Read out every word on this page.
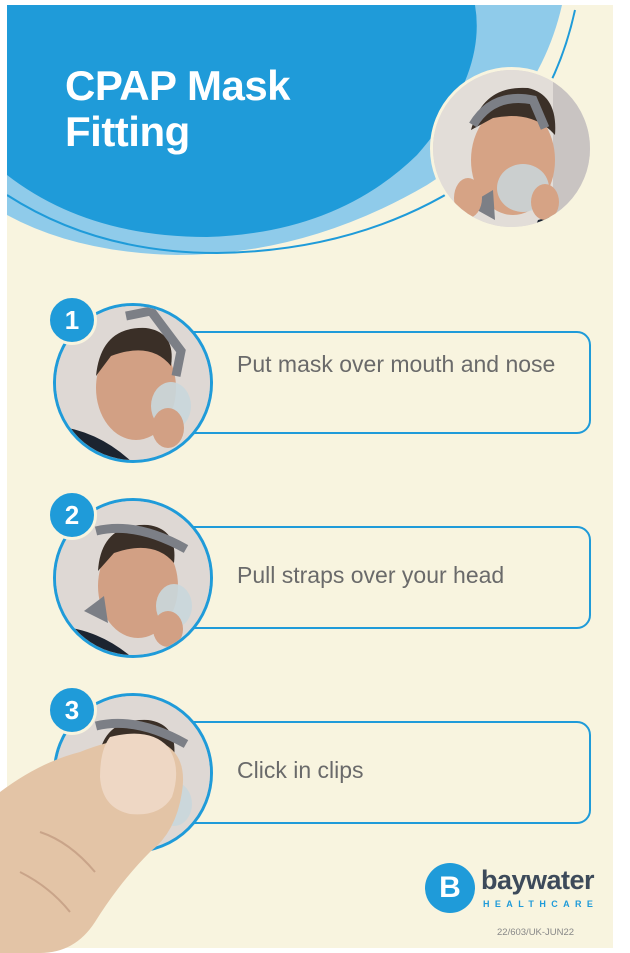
CPAP Mask
Fitting
1
Put mask over mouth and nose
2
Pull straps over your head
3
Click in clips
B baywater
HEALTHCARE
22/603/UK-JUN22
